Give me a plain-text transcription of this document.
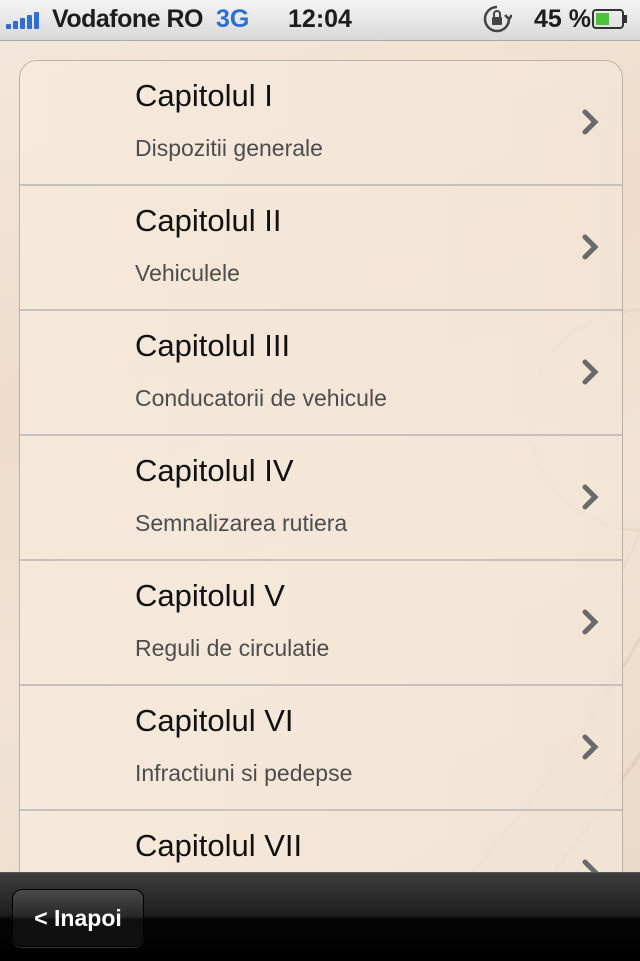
Vodafone RO 3G	12:04	45 %
Capitolul I
Dispozitii generale
Capitolul II
Vehiculele
Capitolul III
Conducatorii de vehicule
Capitolul IV
Semnalizarea rutiera
Capitolul V
Reguli de circulatie
Capitolul VI
Infractiuni si pedepse
Capitolul VII
< Inapoi
